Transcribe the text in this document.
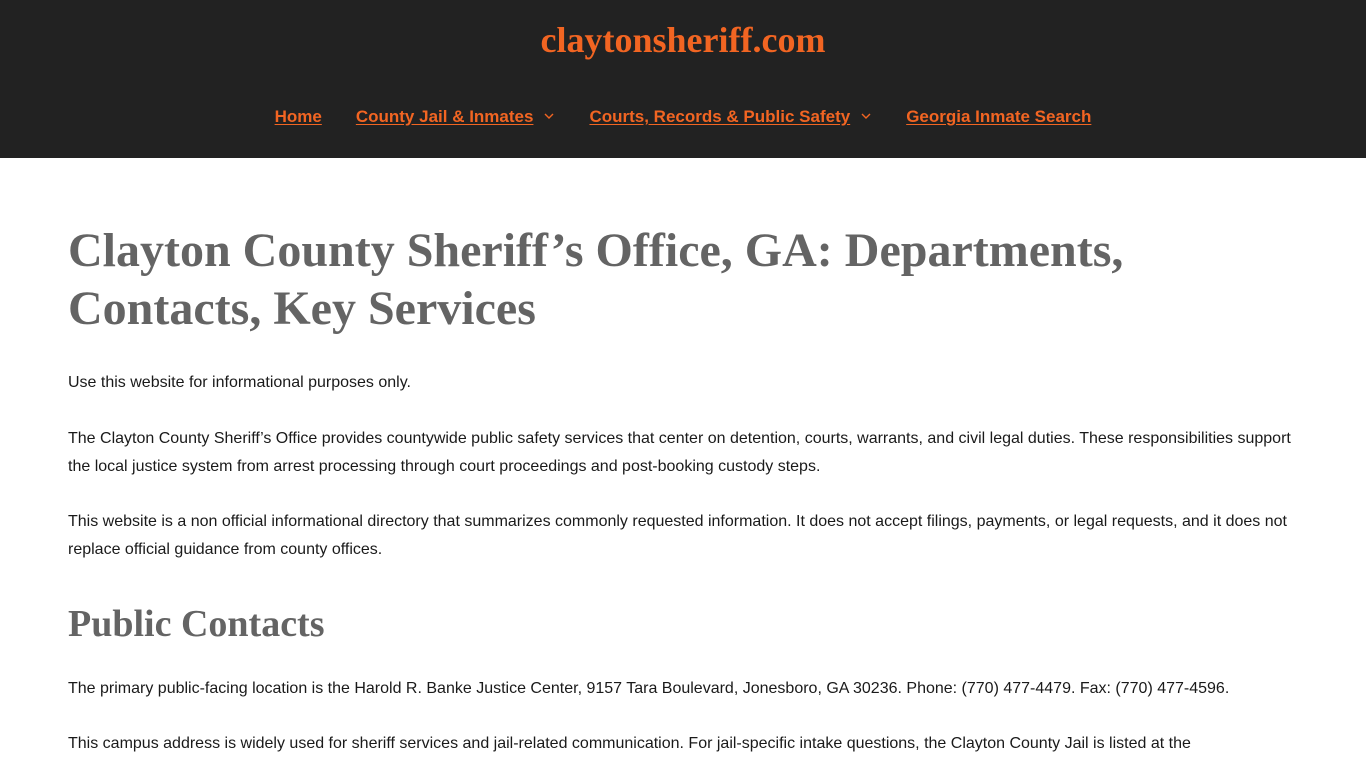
claytonsheriff.com
Home County Jail & Inmates	Courts, Records & Public Safety	Georgia Inmate Search
Clayton County Sheriff’s Office, GA: Departments, Contacts, Key Services

Use this website for informational purposes only.

The Clayton County Sheriff’s Office provides countywide public safety services that center on detention, courts, warrants, and civil legal duties. These responsibilities support the local justice system from arrest processing through court proceedings and post-booking custody steps.

This website is a non official informational directory that summarizes commonly requested information. It does not accept filings, payments, or legal requests, and it does not replace official guidance from county offices.

Public Contacts

The primary public-facing location is the Harold R. Banke Justice Center, 9157 Tara Boulevard, Jonesboro, GA 30236. Phone: (770) 477-4479. Fax: (770) 477-4596.

This campus address is widely used for sheriff services and jail-related communication. For jail-specific intake questions, the Clayton County Jail is listed at the
